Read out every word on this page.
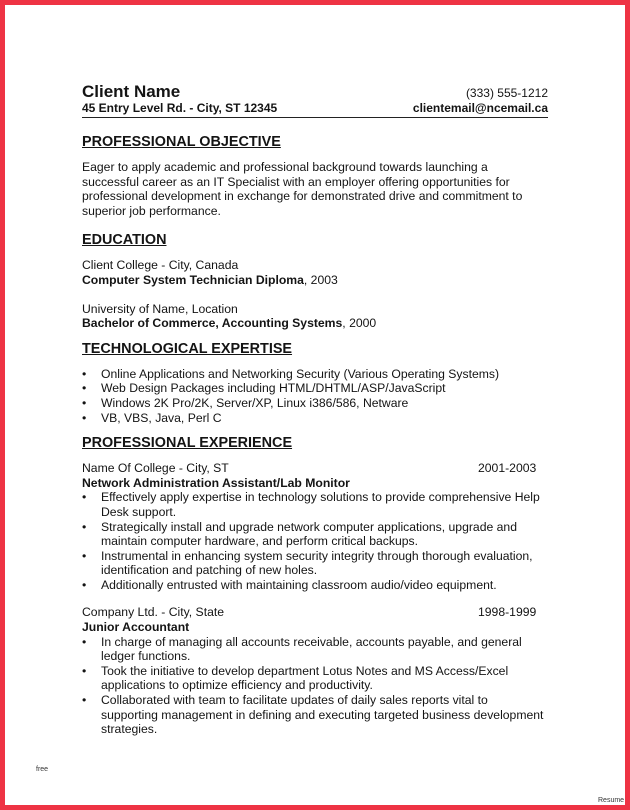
Client Name	(333) 555-1212
45 Entry Level Rd. - City, ST 12345	clientemail@ncemail.ca
PROFESSIONAL OBJECTIVE

Eager to apply academic and professional background towards launching a successful career as an IT Specialist with an employer offering opportunities for professional development in exchange for demonstrated drive and commitment to superior job performance.

EDUCATION
Client College - City, Canada
Computer System Technician Diploma, 2003
University of Name, Location
Bachelor of Commerce, Accounting Systems, 2000
TECHNOLOGICAL EXPERTISE
• Online Applications and Networking Security (Various Operating Systems)
• Web Design Packages including HTML/DHTML/ASP/JavaScript
• Windows 2K Pro/2K, Server/XP, Linux i386/586, Netware
• VB, VBS, Java, Perl C
PROFESSIONAL EXPERIENCE
Name Of College - City, ST	2001-2003
Network Administration Assistant/Lab Monitor
• Effectively apply expertise in technology solutions to provide comprehensive Help Desk support.
• Strategically install and upgrade network computer applications, upgrade and maintain computer hardware, and perform critical backups.
• Instrumental in enhancing system security integrity through thorough evaluation, identification and patching of new holes.
• Additionally entrusted with maintaining classroom audio/video equipment.
Company Ltd. - City, State	1998-1999
Junior Accountant
• In charge of managing all accounts receivable, accounts payable, and general ledger functions.
• Took the initiative to develop department Lotus Notes and MS Access/Excel applications to optimize efficiency and productivity.
• Collaborated with team to facilitate updates of daily sales reports vital to supporting management in defining and executing targeted business development strategies.
free
Resume
